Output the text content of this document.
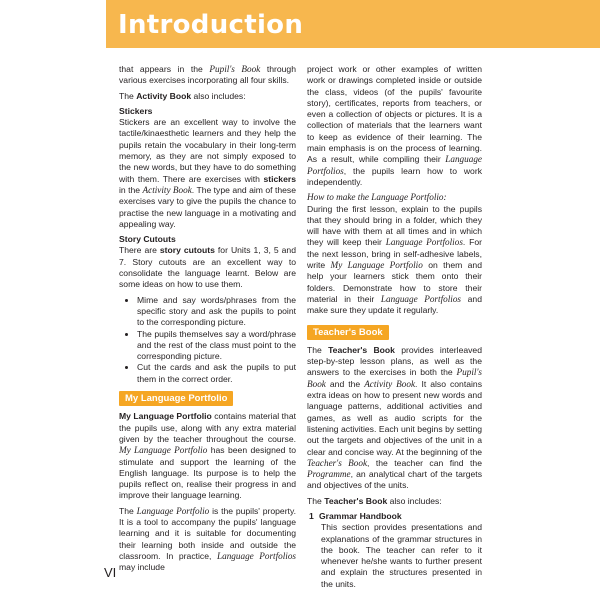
Introduction

that appears in the Pupil's Book through various exercises incorporating all four skills.

The Activity Book also includes:

Stickers

Stickers are an excellent way to involve the tactile/kinaesthetic learners and they help the pupils retain the vocabulary in their long-term memory, as they are not simply exposed to the new words, but they have to do something with them. There are exercises with stickers in the Activity Book. The type and aim of these exercises vary to give the pupils the chance to practise the new language in a motivating and appealing way.

Story Cutouts

There are story cutouts for Units 1, 3, 5 and 7. Story cutouts are an excellent way to consolidate the language learnt. Below are some ideas on how to use them.

• Mime and say words/phrases from the specific story and ask the pupils to point to the corresponding picture.
• The pupils themselves say a word/phrase and the rest of the class must point to the corresponding picture.
• Cut the cards and ask the pupils to put them in the correct order.
My Language Portfolio

My Language Portfolio contains material that the pupils use, along with any extra material given by the teacher throughout the course. My Language Portfolio has been designed to stimulate and support the learning of the English language. Its purpose is to help the pupils reflect on, realise their progress in and improve their language learning.

The Language Portfolio is the pupils' property. It is a tool to accompany the pupils' language learning and it is suitable for documenting their learning both inside and outside the classroom. In practice, Language Portfolios may include

project work or other examples of written work or drawings completed inside or outside the class, videos (of the pupils' favourite story), certificates, reports from teachers, or even a collection of objects or pictures. It is a collection of materials that the learners want to keep as evidence of their learning. The main emphasis is on the process of learning. As a result, while compiling their Language Portfolios, the pupils learn how to work independently.

How to make the Language Portfolio:

During the first lesson, explain to the pupils that they should bring in a folder, which they will have with them at all times and in which they will keep their Language Portfolios. For the next lesson, bring in self-adhesive labels, write My Language Portfolio on them and help your learners stick them onto their folders. Demonstrate how to store their material in their Language Portfolios and make sure they update it regularly.

Teacher's Book

The Teacher's Book provides interleaved step-by-step lesson plans, as well as the answers to the exercises in both the Pupil's Book and the Activity Book. It also contains extra ideas on how to present new words and language patterns, additional activities and games, as well as audio scripts for the listening activities. Each unit begins by setting out the targets and objectives of the unit in a clear and concise way. At the beginning of the Teacher's Book, the teacher can find the Programme, an analytical chart of the targets and objectives of the units.

The Teacher's Book also includes:

1 Grammar Handbook
This section provides presentations and explanations of the grammar structures in the book. The teacher can refer to it whenever he/she wants to further present and explain the structures presented in the units.
VI
